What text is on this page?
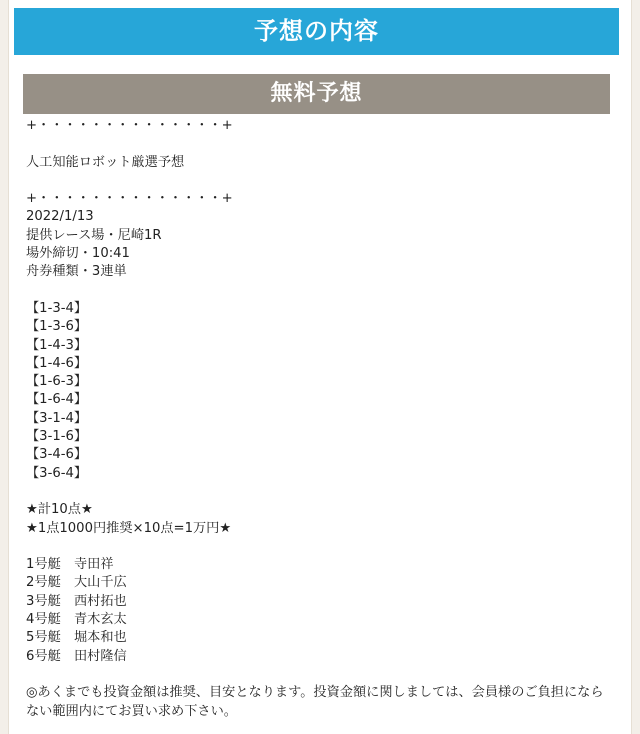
予想の内容
無料予想
+・・・・・・・・・・・・・・+
人工知能ロボット厳選予想
+・・・・・・・・・・・・・・+
2022/1/13
提供レース場・尼崎1R
場外締切・10:41
舟券種類・3連単
【1-3-4】
【1-3-6】
【1-4-3】
【1-4-6】
【1-6-3】
【1-6-4】
【3-1-4】
【3-1-6】
【3-4-6】
【3-6-4】
★計10点★
★1点1000円推奨×10点=1万円★
1号艇　寺田祥
2号艇　大山千広
3号艇　西村拓也
4号艇　青木玄太
5号艇　堀本和也
6号艇　田村隆信
◎あくまでも投資金額は推奨、目安となります。投資金額に関しましては、会員様のご負担にならない範囲内にてお買い求め下さい。
